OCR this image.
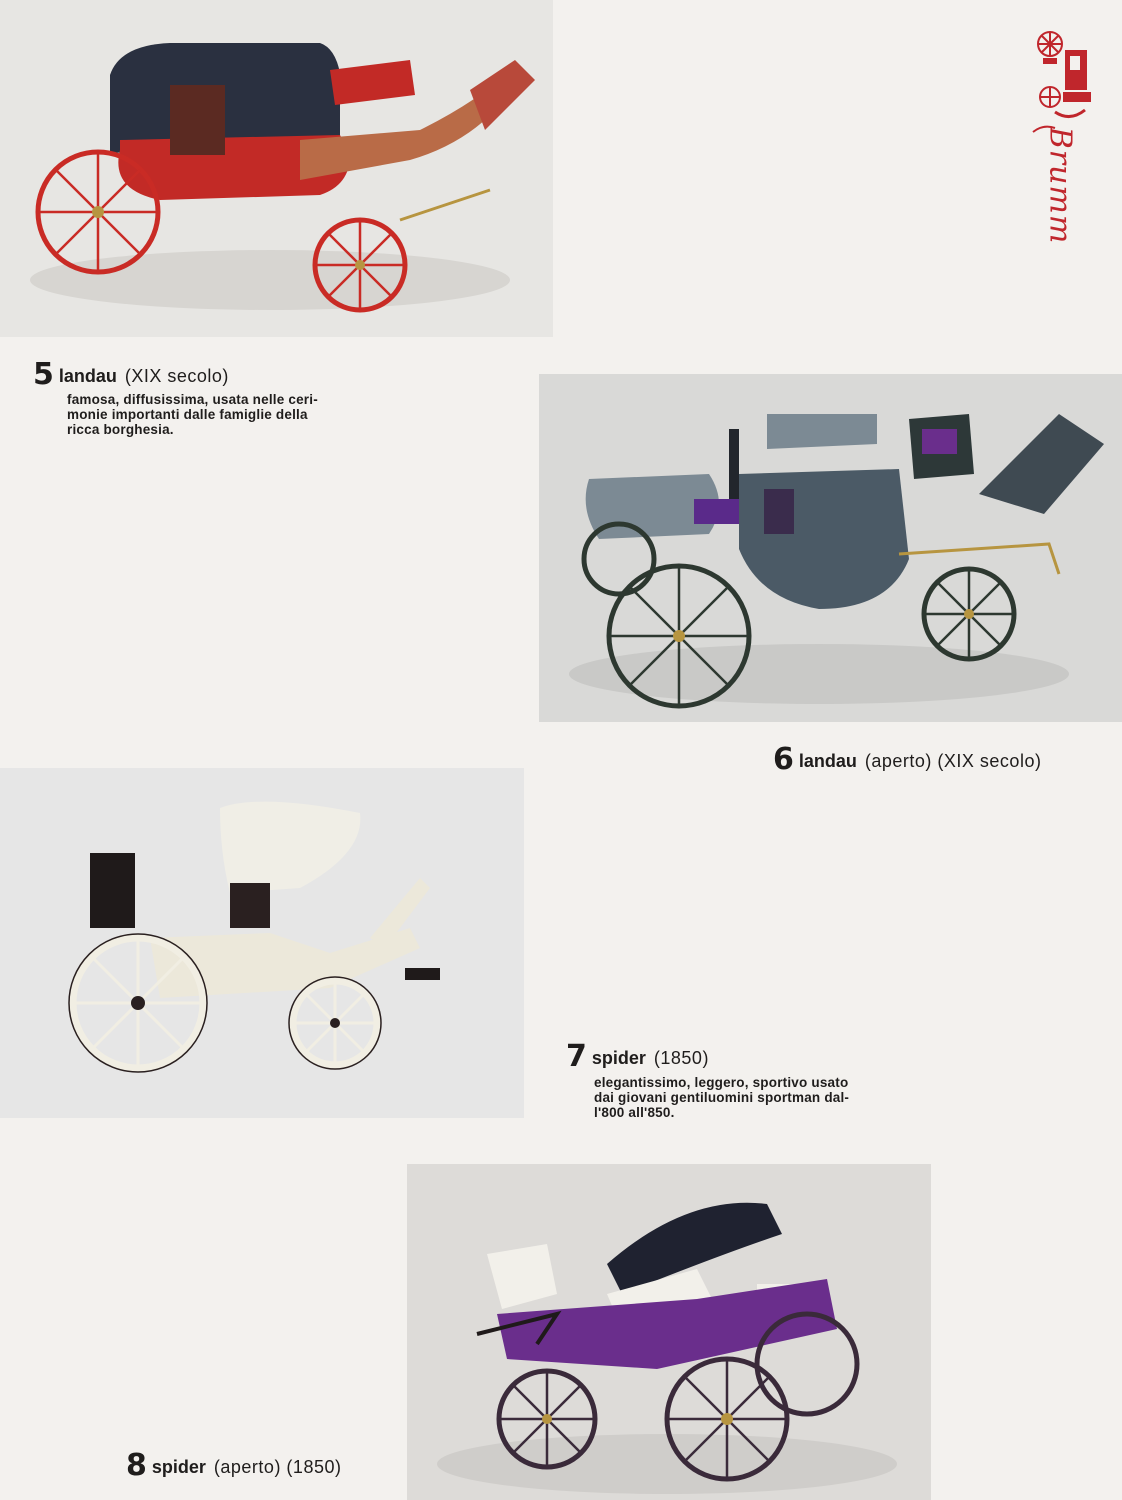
Brumm
5 landau (XIX secolo)
famosa, diffusissima, usata nelle ceri-
monie importanti dalle famiglie della
ricca borghesia.
6 landau (aperto) (XIX secolo)
7 spider (1850)
elegantissimo, leggero, sportivo usato
dai giovani gentiluomini sportman dal-
l'800 all'850.
8 spider (aperto) (1850)
